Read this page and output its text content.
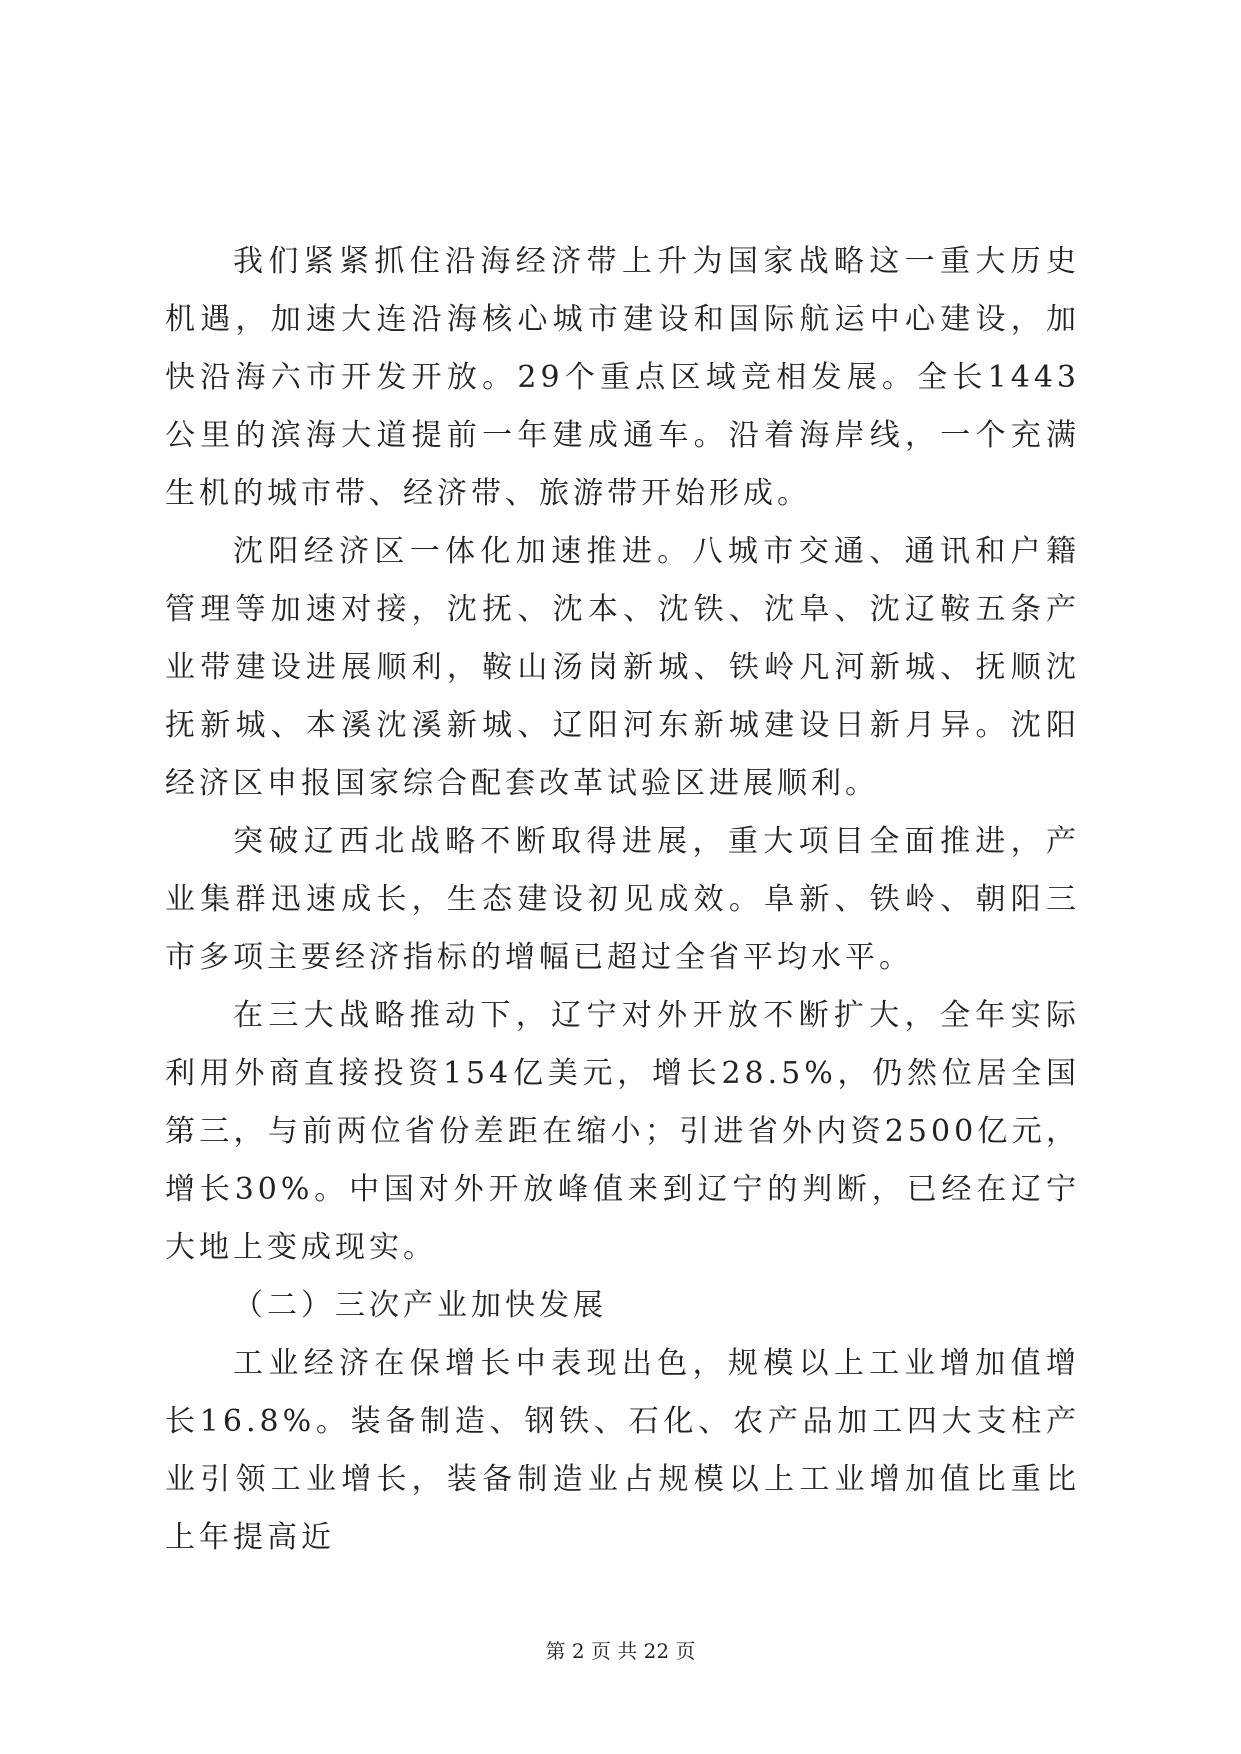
我们紧紧抓住沿海经济带上升为国家战略这一重大历史机遇，加速大连沿海核心城市建设和国际航运中心建设，加快沿海六市开发开放。29个重点区域竞相发展。全长1443公里的滨海大道提前一年建成通车。沿着海岸线，一个充满生机的城市带、经济带、旅游带开始形成。

沈阳经济区一体化加速推进。八城市交通、通讯和户籍管理等加速对接，沈抚、沈本、沈铁、沈阜、沈辽鞍五条产业带建设进展顺利，鞍山汤岗新城、铁岭凡河新城、抚顺沈抚新城、本溪沈溪新城、辽阳河东新城建设日新月异。沈阳经济区申报国家综合配套改革试验区进展顺利。

突破辽西北战略不断取得进展，重大项目全面推进，产业集群迅速成长，生态建设初见成效。阜新、铁岭、朝阳三市多项主要经济指标的增幅已超过全省平均水平。

在三大战略推动下，辽宁对外开放不断扩大，全年实际利用外商直接投资154亿美元，增长28.5%，仍然位居全国第三，与前两位省份差距在缩小；引进省外内资2500亿元，增长30%。中国对外开放峰值来到辽宁的判断，已经在辽宁大地上变成现实。

（二）三次产业加快发展

工业经济在保增长中表现出色，规模以上工业增加值增长16.8%。装备制造、钢铁、石化、农产品加工四大支柱产业引领工业增长，装备制造业占规模以上工业增加值比重比上年提高近

第 2 页 共 22 页
